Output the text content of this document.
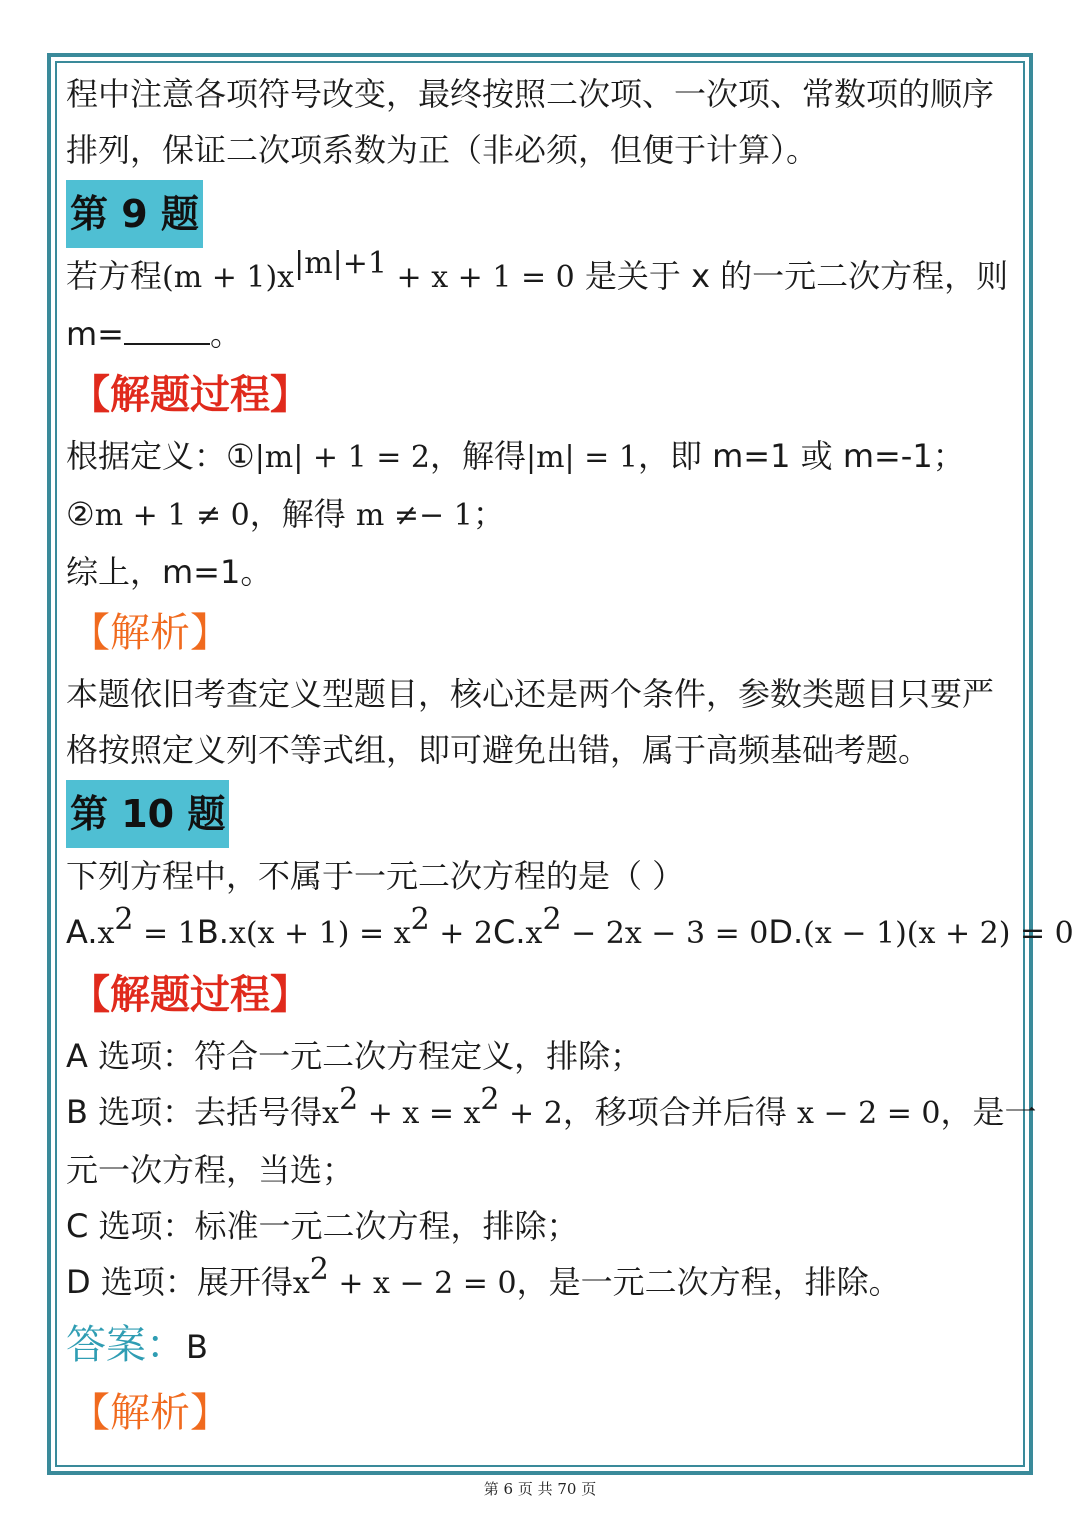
程中注意各项符号改变，最终按照二次项、一次项、常数项的顺序
排列，保证二次项系数为正（非必须，但便于计算）。
第 9 题
若方程$(m + 1)x^{|m|+1} + x + 1 = 0$ 是关于 x 的一元二次方程，则
m=	。
【解题过程】
根据定义：①|m| + 1 = 2，解得|m| = 1，即 m=1 或 m=-1；
②m + 1 ≠ 0，解得 m ≠− 1；
综上，m=1。
【解析】
本题依旧考查定义型题目，核心还是两个条件，参数类题目只要严
格按照定义列不等式组，即可避免出错，属于高频基础考题。
第 10 题
下列方程中，不属于一元二次方程的是（ ）
$A.x^2 = 1B.x(x + 1) = x^2 + 2C.x^2 - 2x - 3 = 0D.(x - 1)(x + 2) = 0$
【解题过程】
A 选项：符合一元二次方程定义，排除；
B 选项：去括号得$x^2 + x = x^2 + 2$，移项合并后得 x − 2 = 0，是一
元一次方程，当选；
C 选项：标准一元二次方程，排除；
D 选项：展开得$x^2 + x - 2 = 0$，是一元二次方程，排除。
答案：B
【解析】
第 6 页 共 70 页
